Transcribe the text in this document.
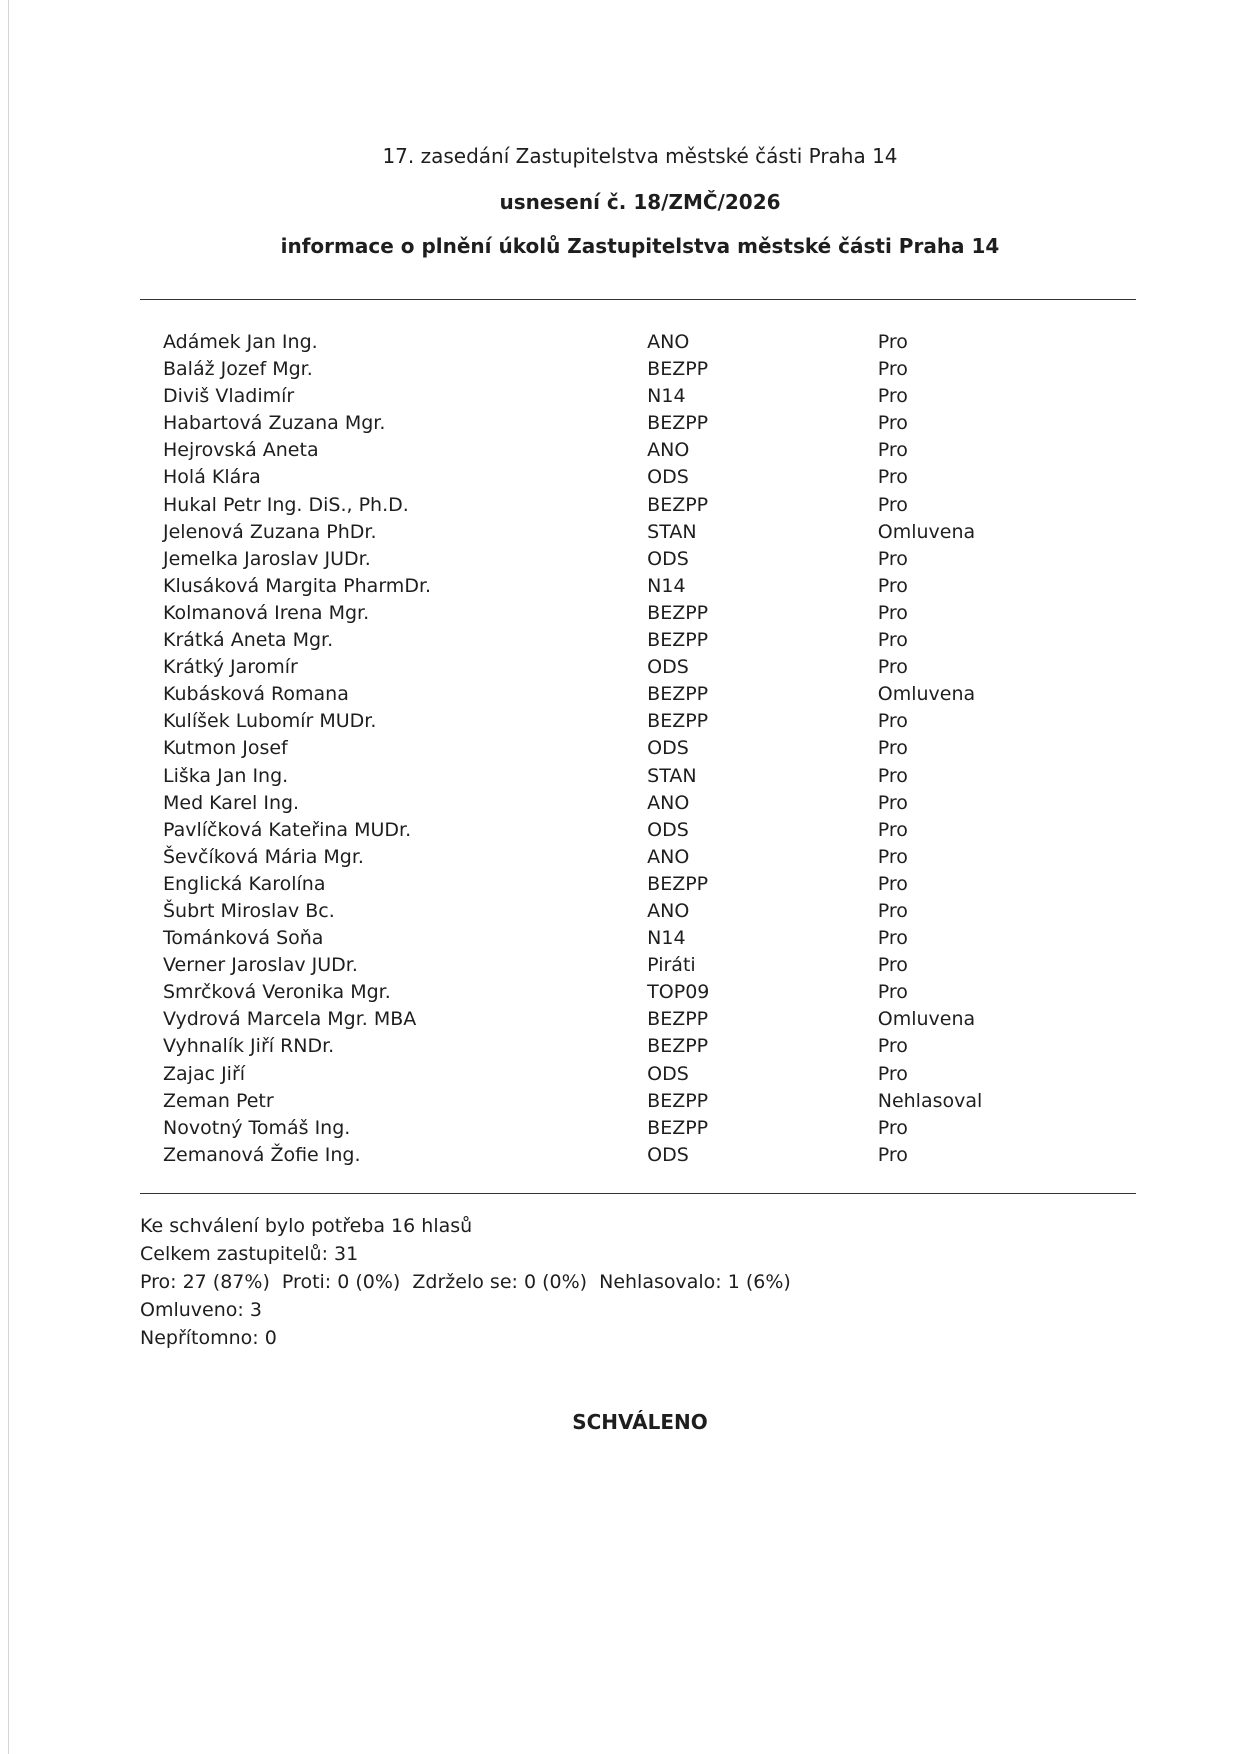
17. zasedání Zastupitelstva městské části Praha 14
usnesení č. 18/ZMČ/2026
informace o plnění úkolů Zastupitelstva městské části Praha 14
Adámek Jan Ing.	ANO	Pro
Baláž Jozef Mgr.	BEZPP	Pro
Diviš Vladimír	N14	Pro
Habartová Zuzana Mgr.	BEZPP	Pro
Hejrovská Aneta	ANO	Pro
Holá Klára	ODS	Pro
Hukal Petr Ing. DiS., Ph.D.	BEZPP	Pro
Jelenová Zuzana PhDr.	STAN	Omluvena
Jemelka Jaroslav JUDr.	ODS	Pro
Klusáková Margita PharmDr.	N14	Pro
Kolmanová Irena Mgr.	BEZPP	Pro
Krátká Aneta Mgr.	BEZPP	Pro
Krátký Jaromír	ODS	Pro
Kubásková Romana	BEZPP	Omluvena
Kulíšek Lubomír MUDr.	BEZPP	Pro
Kutmon Josef	ODS	Pro
Liška Jan Ing.	STAN	Pro
Med Karel Ing.	ANO	Pro
Pavlíčková Kateřina MUDr.	ODS	Pro
Ševčíková Mária Mgr.	ANO	Pro
Englická Karolína	BEZPP	Pro
Šubrt Miroslav Bc.	ANO	Pro
Tománková Soňa	N14	Pro
Verner Jaroslav JUDr.	Piráti	Pro
Smrčková Veronika Mgr.	TOP09	Pro
Vydrová Marcela Mgr. MBA	BEZPP	Omluvena
Vyhnalík Jiří RNDr.	BEZPP	Pro
Zajac Jiří	ODS	Pro
Zeman Petr	BEZPP	Nehlasoval
Novotný Tomáš Ing.	BEZPP	Pro
Zemanová Žofie Ing.	ODS	Pro
Ke schválení bylo potřeba 16 hlasů
Celkem zastupitelů: 31
Pro: 27 (87%)  Proti: 0 (0%)  Zdrželo se: 0 (0%)  Nehlasovalo: 1 (6%)
Omluveno: 3
Nepřítomno: 0
SCHVÁLENO
